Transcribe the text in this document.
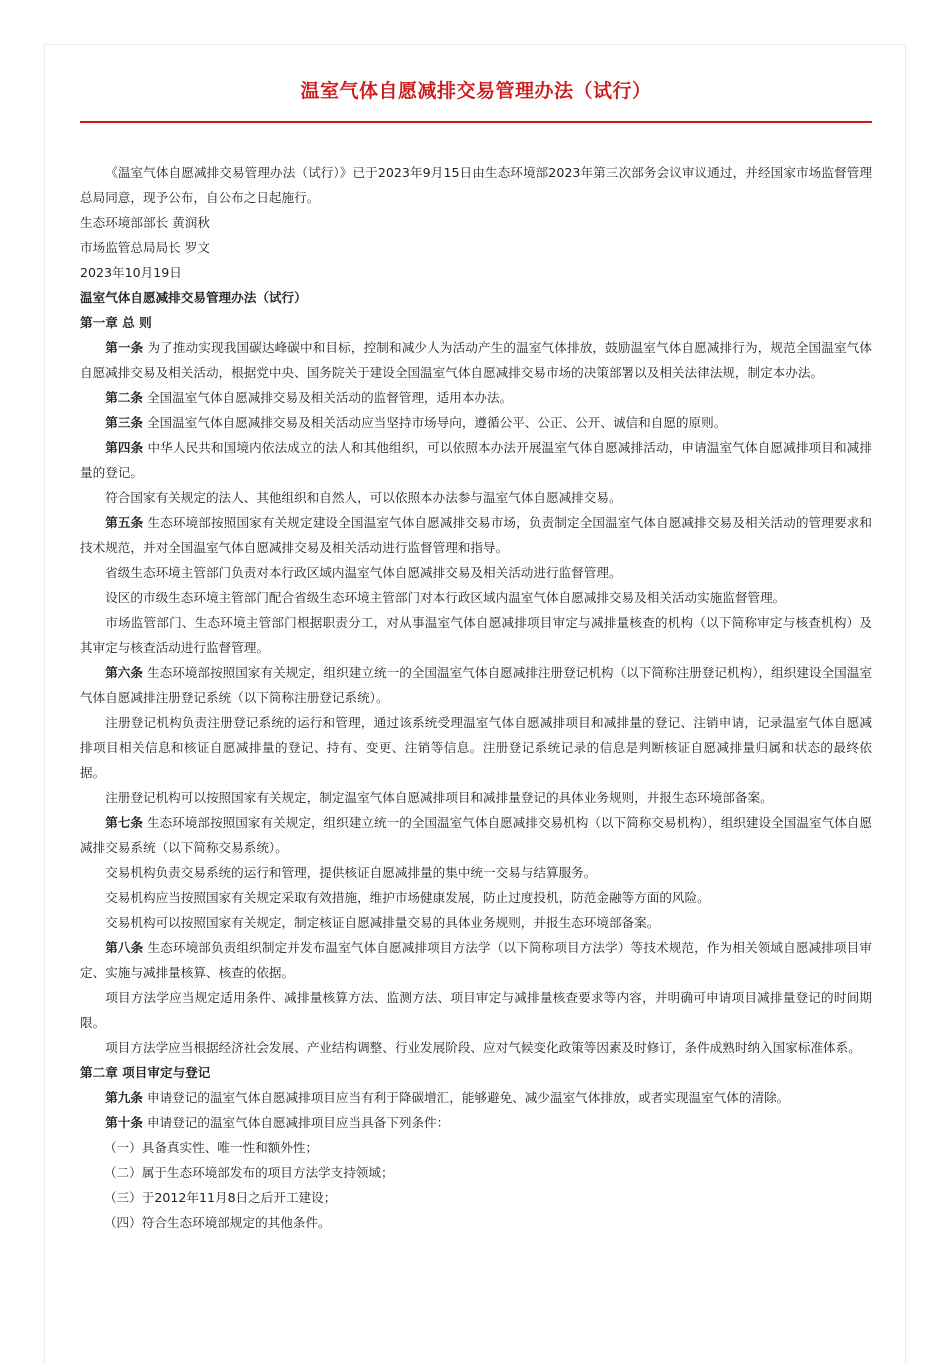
温室气体自愿减排交易管理办法（试行）

《温室气体自愿减排交易管理办法（试行）》已于2023年9月15日由生态环境部2023年第三次部务会议审议通过，并经国家市场监督管理总局同意，现予公布，自公布之日起施行。

生态环境部部长 黄润秋

市场监管总局局长 罗文

2023年10月19日

温室气体自愿减排交易管理办法（试行）

第一章 总 则

第一条 为了推动实现我国碳达峰碳中和目标，控制和减少人为活动产生的温室气体排放，鼓励温室气体自愿减排行为，规范全国温室气体自愿减排交易及相关活动，根据党中央、国务院关于建设全国温室气体自愿减排交易市场的决策部署以及相关法律法规，制定本办法。

第二条 全国温室气体自愿减排交易及相关活动的监督管理，适用本办法。

第三条 全国温室气体自愿减排交易及相关活动应当坚持市场导向，遵循公平、公正、公开、诚信和自愿的原则。

第四条 中华人民共和国境内依法成立的法人和其他组织，可以依照本办法开展温室气体自愿减排活动，申请温室气体自愿减排项目和减排量的登记。

符合国家有关规定的法人、其他组织和自然人，可以依照本办法参与温室气体自愿减排交易。

第五条 生态环境部按照国家有关规定建设全国温室气体自愿减排交易市场，负责制定全国温室气体自愿减排交易及相关活动的管理要求和技术规范，并对全国温室气体自愿减排交易及相关活动进行监督管理和指导。

省级生态环境主管部门负责对本行政区域内温室气体自愿减排交易及相关活动进行监督管理。

设区的市级生态环境主管部门配合省级生态环境主管部门对本行政区域内温室气体自愿减排交易及相关活动实施监督管理。

市场监管部门、生态环境主管部门根据职责分工，对从事温室气体自愿减排项目审定与减排量核查的机构（以下简称审定与核查机构）及其审定与核查活动进行监督管理。

第六条 生态环境部按照国家有关规定，组织建立统一的全国温室气体自愿减排注册登记机构（以下简称注册登记机构），组织建设全国温室气体自愿减排注册登记系统（以下简称注册登记系统）。

注册登记机构负责注册登记系统的运行和管理，通过该系统受理温室气体自愿减排项目和减排量的登记、注销申请，记录温室气体自愿减排项目相关信息和核证自愿减排量的登记、持有、变更、注销等信息。注册登记系统记录的信息是判断核证自愿减排量归属和状态的最终依据。

注册登记机构可以按照国家有关规定，制定温室气体自愿减排项目和减排量登记的具体业务规则，并报生态环境部备案。

第七条 生态环境部按照国家有关规定，组织建立统一的全国温室气体自愿减排交易机构（以下简称交易机构），组织建设全国温室气体自愿减排交易系统（以下简称交易系统）。

交易机构负责交易系统的运行和管理，提供核证自愿减排量的集中统一交易与结算服务。

交易机构应当按照国家有关规定采取有效措施，维护市场健康发展，防止过度投机，防范金融等方面的风险。

交易机构可以按照国家有关规定，制定核证自愿减排量交易的具体业务规则，并报生态环境部备案。

第八条 生态环境部负责组织制定并发布温室气体自愿减排项目方法学（以下简称项目方法学）等技术规范，作为相关领域自愿减排项目审定、实施与减排量核算、核查的依据。

项目方法学应当规定适用条件、减排量核算方法、监测方法、项目审定与减排量核查要求等内容，并明确可申请项目减排量登记的时间期限。

项目方法学应当根据经济社会发展、产业结构调整、行业发展阶段、应对气候变化政策等因素及时修订，条件成熟时纳入国家标准体系。

第二章 项目审定与登记

第九条 申请登记的温室气体自愿减排项目应当有利于降碳增汇，能够避免、减少温室气体排放，或者实现温室气体的清除。

第十条 申请登记的温室气体自愿减排项目应当具备下列条件：

（一）具备真实性、唯一性和额外性；

（二）属于生态环境部发布的项目方法学支持领域；

（三）于2012年11月8日之后开工建设；

（四）符合生态环境部规定的其他条件。
